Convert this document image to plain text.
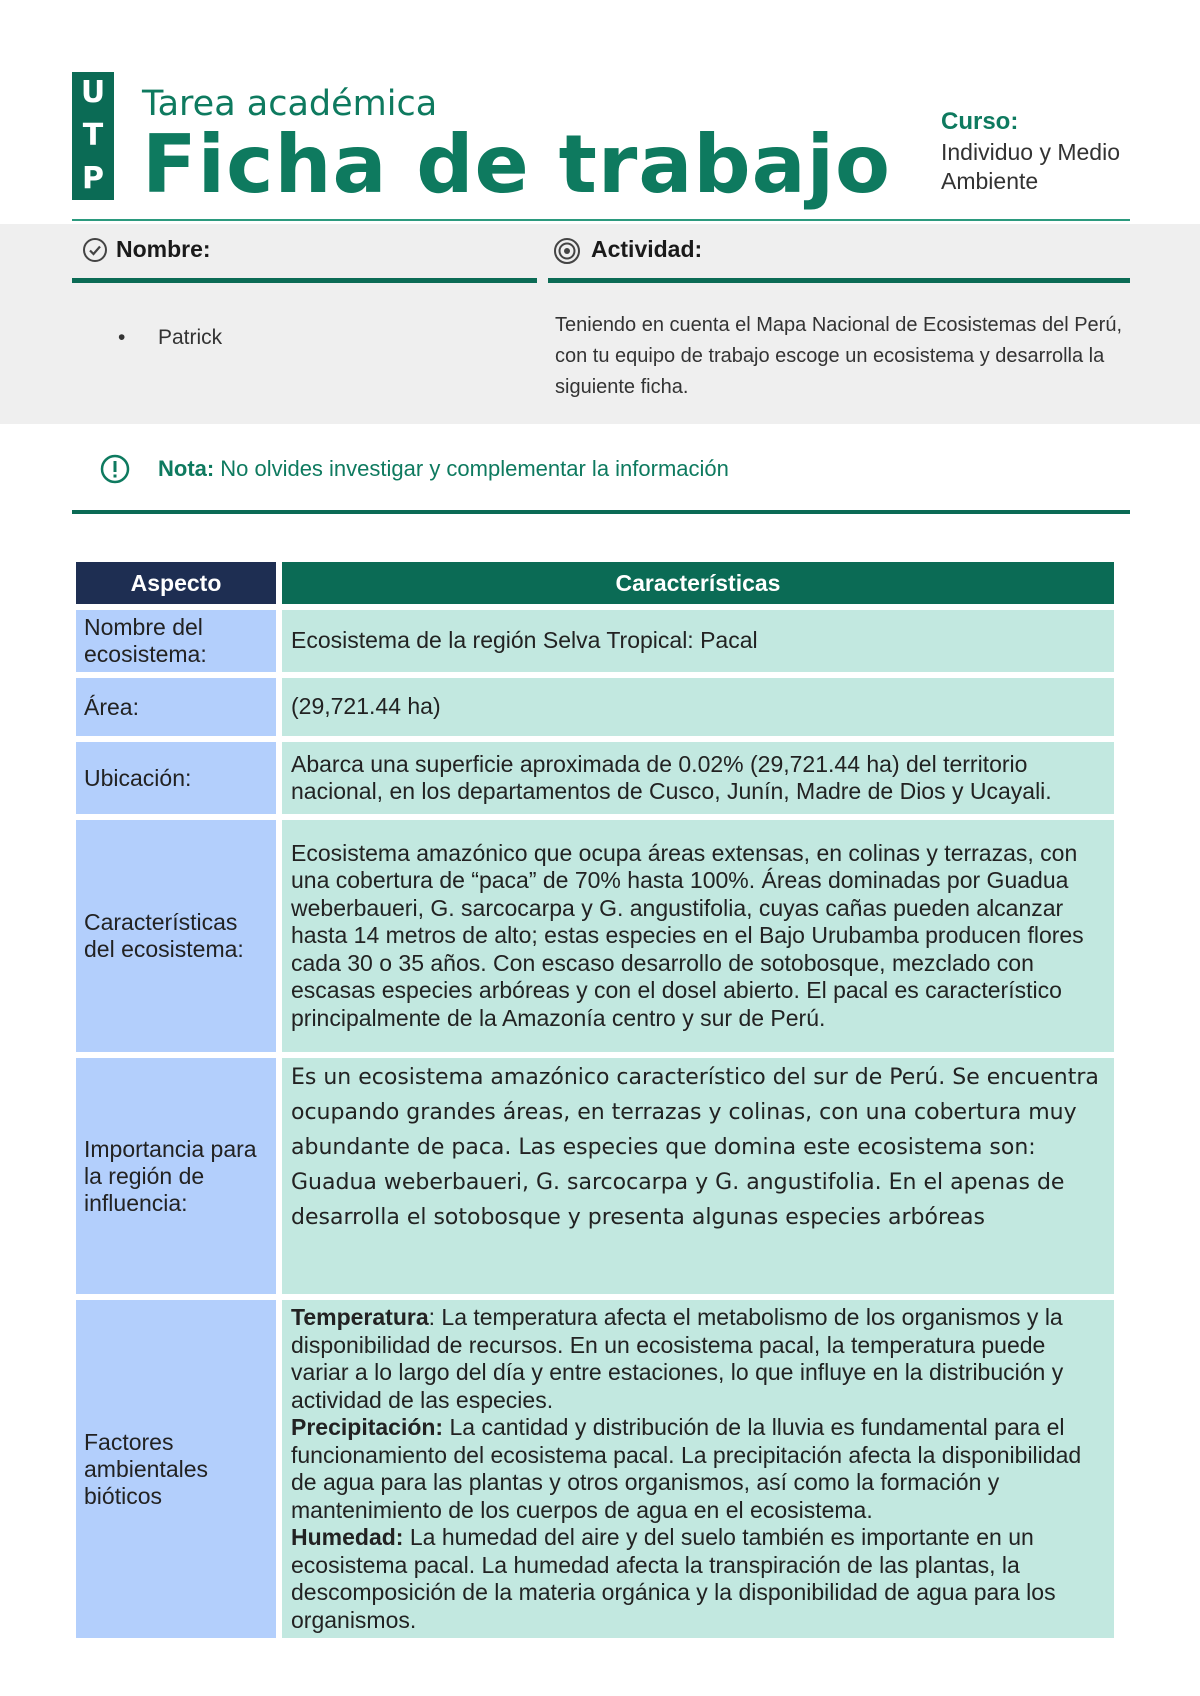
U
T
P
Tarea académica
Ficha de trabajo Curso:
Individuo y Medio Ambiente
Nombre:	Actividad:
• Patrick
Teniendo en cuenta el Mapa Nacional de Ecosistemas del Perú, con tu equipo de trabajo escoge un ecosistema y desarrolla la siguiente ficha.
Nota: No olvides investigar y complementar la información
Aspecto	Características
Nombre del ecosistema:	Ecosistema de la región Selva Tropical: Pacal
Área:	(29,721.44 ha)
Ubicación:	Abarca una superficie aproximada de 0.02% (29,721.44 ha) del territorio nacional, en los departamentos de Cusco, Junín, Madre de Dios y Ucayali.
Características del ecosistema:	Ecosistema amazónico que ocupa áreas extensas, en colinas y terrazas, con una cobertura de “paca” de 70% hasta 100%. Áreas dominadas por Guadua weberbaueri, G. sarcocarpa y G. angustifolia, cuyas cañas pueden alcanzar hasta 14 metros de alto; estas especies en el Bajo Urubamba producen flores cada 30 o 35 años. Con escaso desarrollo de sotobosque, mezclado con escasas especies arbóreas y con el dosel abierto. El pacal es característico principalmente de la Amazonía centro y sur de Perú.
Importancia para la región de influencia:	Es un ecosistema amazónico característico del sur de Perú. Se encuentra ocupando grandes áreas, en terrazas y colinas, con una cobertura muy abundante de paca. Las especies que domina este ecosistema son: Guadua weberbaueri, G. sarcocarpa y G. angustifolia. En el apenas de desarrolla el sotobosque y presenta algunas especies arbóreas
Factores ambientales bióticos	Temperatura: La temperatura afecta el metabolismo de los organismos y la disponibilidad de recursos. En un ecosistema pacal, la temperatura puede variar a lo largo del día y entre estaciones, lo que influye en la distribución y actividad de las especies.
Precipitación: La cantidad y distribución de la lluvia es fundamental para el funcionamiento del ecosistema pacal. La precipitación afecta la disponibilidad de agua para las plantas y otros organismos, así como la formación y mantenimiento de los cuerpos de agua en el ecosistema.
Humedad: La humedad del aire y del suelo también es importante en un ecosistema pacal. La humedad afecta la transpiración de las plantas, la descomposición de la materia orgánica y la disponibilidad de agua para los organismos.
